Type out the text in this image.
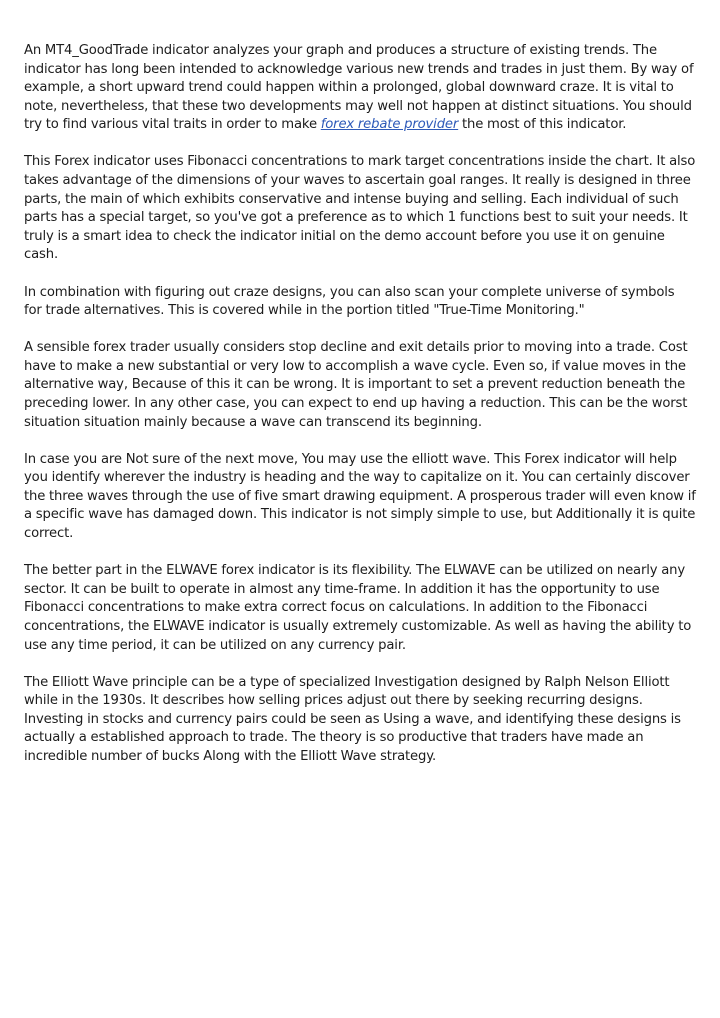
An MT4_GoodTrade indicator analyzes your graph and produces a structure of existing trends. The indicator has long been intended to acknowledge various new trends and trades in just them. By way of example, a short upward trend could happen within a prolonged, global downward craze. It is vital to note, nevertheless, that these two developments may well not happen at distinct situations. You should try to find various vital traits in order to make forex rebate provider the most of this indicator.

This Forex indicator uses Fibonacci concentrations to mark target concentrations inside the chart. It also takes advantage of the dimensions of your waves to ascertain goal ranges. It really is designed in three parts, the main of which exhibits conservative and intense buying and selling. Each individual of such parts has a special target, so you've got a preference as to which 1 functions best to suit your needs. It truly is a smart idea to check the indicator initial on the demo account before you use it on genuine cash.

In combination with figuring out craze designs, you can also scan your complete universe of symbols for trade alternatives. This is covered while in the portion titled "True-Time Monitoring."

A sensible forex trader usually considers stop decline and exit details prior to moving into a trade. Cost have to make a new substantial or very low to accomplish a wave cycle. Even so, if value moves in the alternative way, Because of this it can be wrong. It is important to set a prevent reduction beneath the preceding lower. In any other case, you can expect to end up having a reduction. This can be the worst situation situation mainly because a wave can transcend its beginning.

In case you are Not sure of the next move, You may use the elliott wave. This Forex indicator will help you identify wherever the industry is heading and the way to capitalize on it. You can certainly discover the three waves through the use of five smart drawing equipment. A prosperous trader will even know if a specific wave has damaged down. This indicator is not simply simple to use, but Additionally it is quite correct.

The better part in the ELWAVE forex indicator is its flexibility. The ELWAVE can be utilized on nearly any sector. It can be built to operate in almost any time-frame. In addition it has the opportunity to use Fibonacci concentrations to make extra correct focus on calculations. In addition to the Fibonacci concentrations, the ELWAVE indicator is usually extremely customizable. As well as having the ability to use any time period, it can be utilized on any currency pair.

The Elliott Wave principle can be a type of specialized Investigation designed by Ralph Nelson Elliott while in the 1930s. It describes how selling prices adjust out there by seeking recurring designs. Investing in stocks and currency pairs could be seen as Using a wave, and identifying these designs is actually a established approach to trade. The theory is so productive that traders have made an incredible number of bucks Along with the Elliott Wave strategy.
